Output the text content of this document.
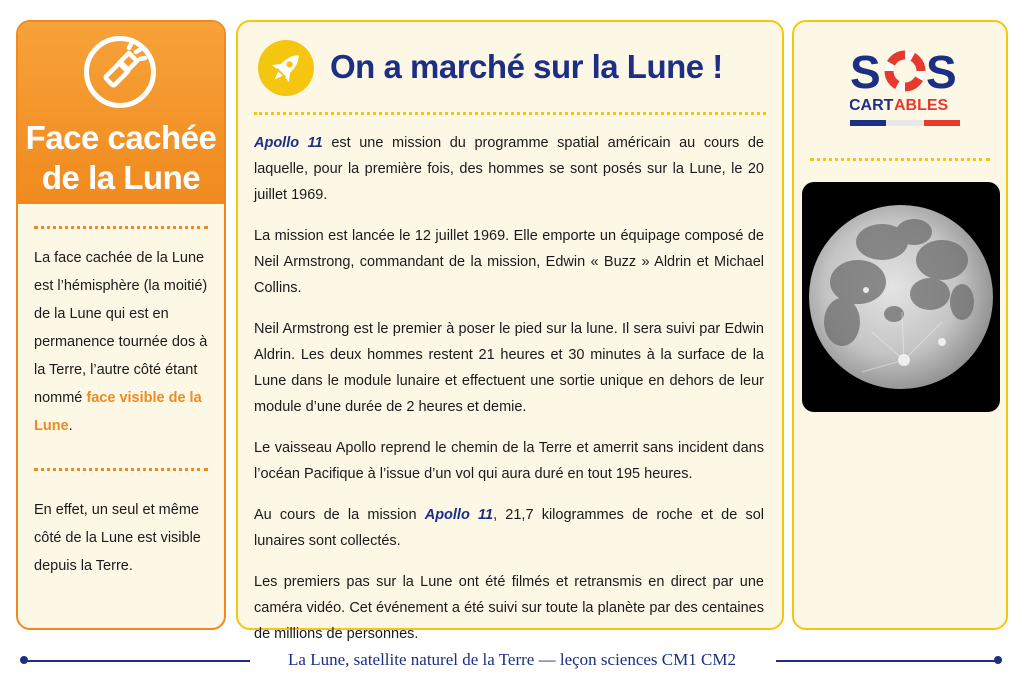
Face cachée
de la Lune
La face cachée de la Lune est l’hémisphère (la moitié) de la Lune qui est en permanence tournée dos à la Terre, l’autre côté étant nommé face visible de la Lune.
En effet, un seul et même côté de la Lune est visible depuis la Terre.
On a marché sur la Lune !

Apollo 11 est une mission du programme spatial américain au cours de laquelle, pour la première fois, des hommes se sont posés sur la Lune, le 20 juillet 1969.

La mission est lancée le 12 juillet 1969. Elle emporte un équipage composé de Neil Armstrong, commandant de la mission, Edwin « Buzz » Aldrin et Michael Collins.

Neil Armstrong est le premier à poser le pied sur la lune. Il sera suivi par Edwin Aldrin. Les deux hommes restent 21 heures et 30 minutes à la surface de la Lune dans le module lunaire et effectuent une sortie unique en dehors de leur module d’une durée de 2 heures et demie.

Le vaisseau Apollo reprend le chemin de la Terre et amerrit sans incident dans l’océan Pacifique à l’issue d’un vol qui aura duré en tout 195 heures.

Au cours de la mission Apollo 11, 21,7 kilogrammes de roche et de sol lunaires sont collectés.

Les premiers pas sur la Lune ont été filmés et retransmis en direct par une caméra vidéo. Cet événement a été suivi sur toute la planète par des centaines de millions de personnes.

S S
CART ABLES
La Lune, satellite naturel de la Terre — leçon sciences CM1 CM2
